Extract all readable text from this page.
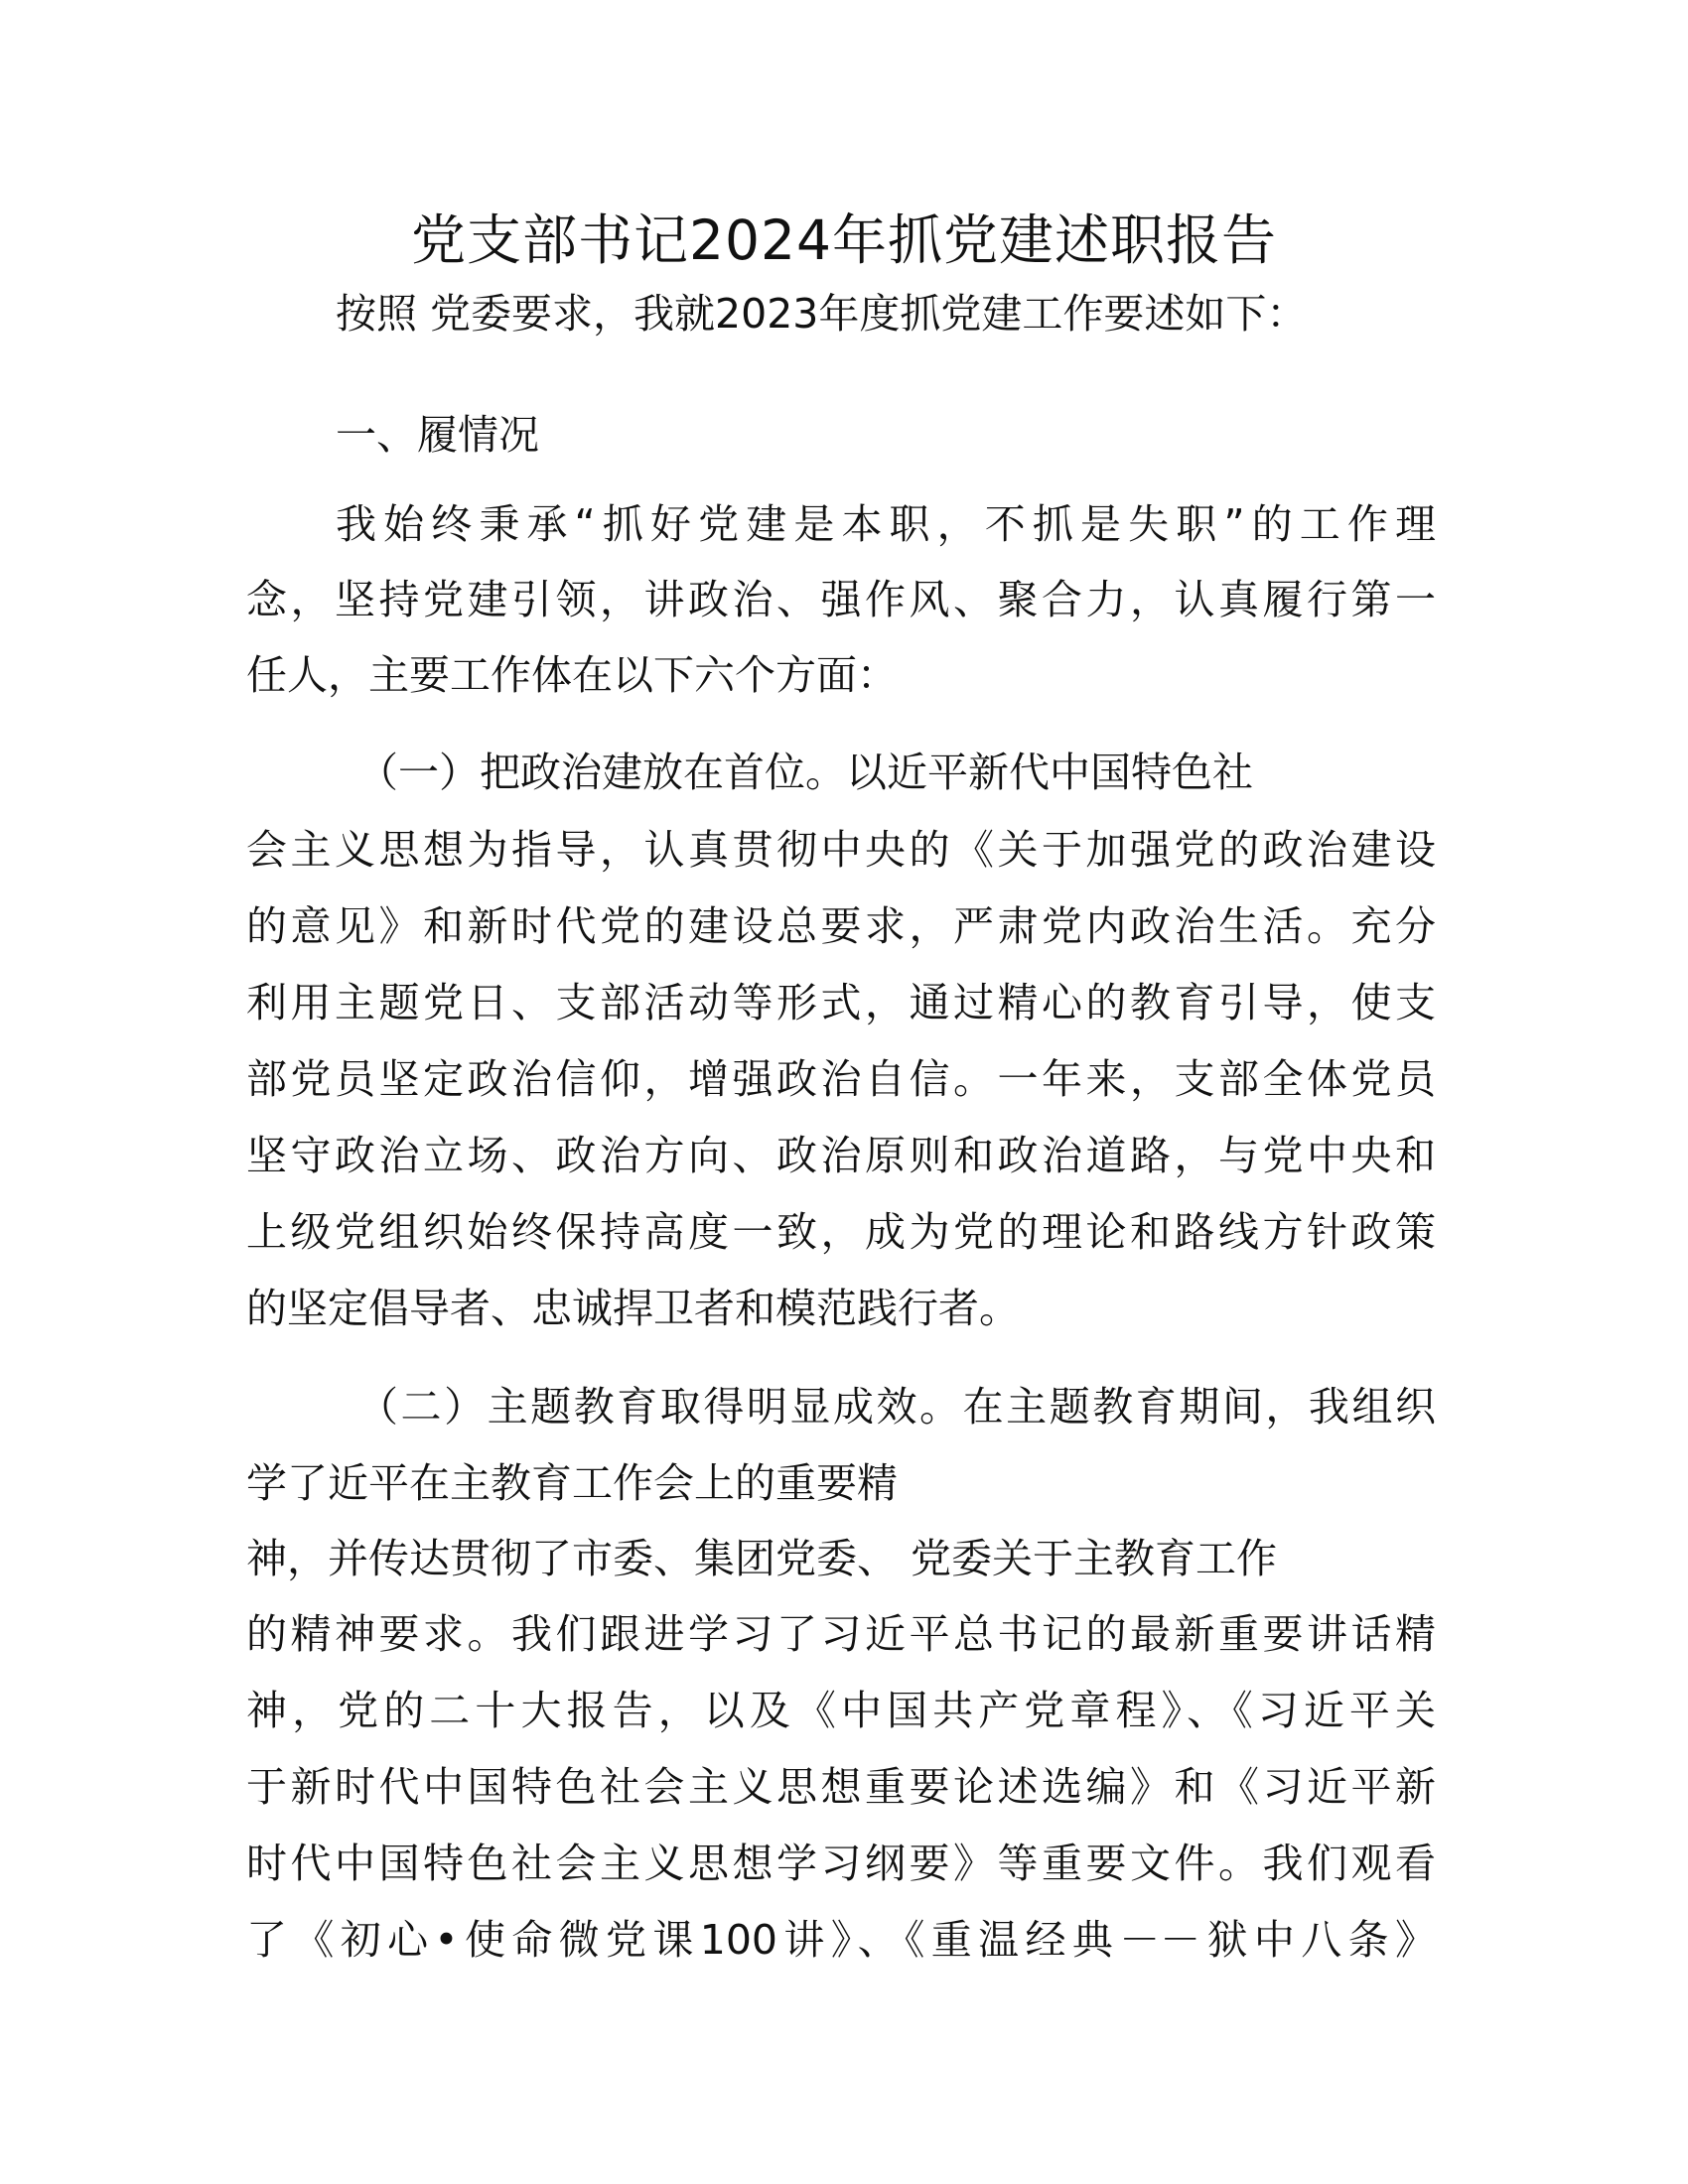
党支部书记2024年抓党建述职报告
按照 党委要求，我就2023年度抓党建工作要述如下：
一、履情况
我始终秉承“抓好党建是本职，不抓是失职”的工作理
念，坚持党建引领，讲政治、强作风、聚合力，认真履行第一
任人，主要工作体在以下六个方面：
（一）把政治建放在首位。以近平新代中国特色社
会主义思想为指导，认真贯彻中央的《关于加强党的政治建设
的意见》和新时代党的建设总要求，严肃党内政治生活。充分
利用主题党日、支部活动等形式，通过精心的教育引导，使支
部党员坚定政治信仰，增强政治自信。一年来，支部全体党员
坚守政治立场、政治方向、政治原则和政治道路，与党中央和
上级党组织始终保持高度一致，成为党的理论和路线方针政策
的坚定倡导者、忠诚捍卫者和模范践行者。
（二）主题教育取得明显成效。在主题教育期间，我组织
学了近平在主教育工作会上的重要精
神，并传达贯彻了市委、集团党委、 党委关于主教育工作
的精神要求。我们跟进学习了习近平总书记的最新重要讲话精
神，党的二十大报告，以及《中国共产党章程》、《习近平关
于新时代中国特色社会主义思想重要论述选编》和《习近平新
时代中国特色社会主义思想学习纲要》等重要文件。我们观看
了《初心•使命微党课100讲》、《重温经典－－狱中八条》
